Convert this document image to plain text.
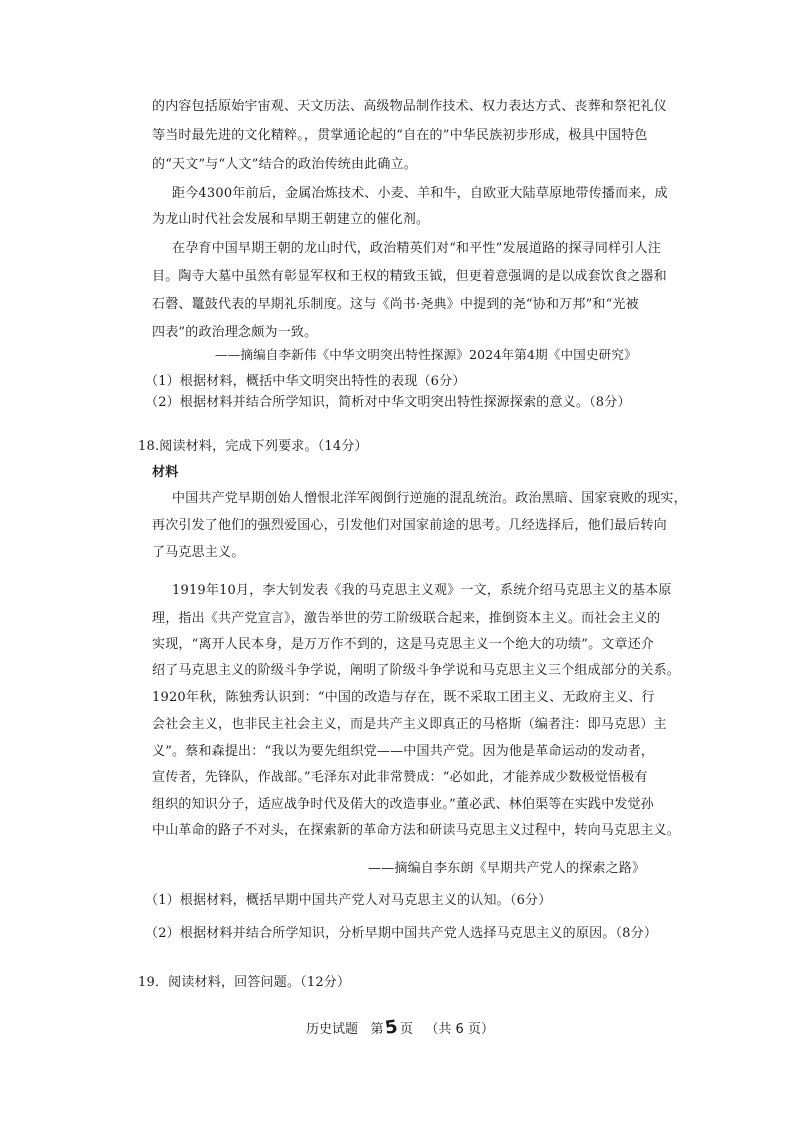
的内容包括原始宇宙观、天文历法、高级物品制作技术、权力表达方式、丧葬和祭祀礼仪
等当时最先进的文化精粹。，贯掌通论起的“自在的”中华民族初步形成，极具中国特色
的“天文”与“人文”结合的政治传统由此确立。
距今4300年前后，金属冶炼技术、小麦、羊和牛，自欧亚大陆草原地带传播而来，成
为龙山时代社会发展和早期王朝建立的催化剂。
在孕育中国早期王朝的龙山时代，政治精英们对“和平性”发展道路的探寻同样引人注
目。陶寺大墓中虽然有彰显军权和王权的精致玉钺，但更着意强调的是以成套饮食之器和
石磬、鼍鼓代表的早期礼乐制度。这与《尚书·尧典》中提到的尧“协和万邦”和“光被
四表”的政治理念颇为一致。
——摘编自李新伟《中华文明突出特性探源》2024年第4期《中国史研究》
（1）根据材料，概括中华文明突出特性的表现（6分）
（2）根据材料并结合所学知识，简析对中华文明突出特性探源探索的意义。（8分）
18.阅读材料，完成下列要求。（14分）
材料
中国共产党早期创始人憎恨北洋军阀倒行逆施的混乱统治。政治黑暗、国家衰败的现实，
再次引发了他们的强烈爱国心，引发他们对国家前途的思考。几经选择后，他们最后转向
了马克思主义。
1919年10月，李大钊发表《我的马克思主义观》一文，系统介绍马克思主义的基本原
理，指出《共产党宣言》，激告举世的劳工阶级联合起来，推倒资本主义。而社会主义的
实现，“离开人民本身，是万万作不到的，这是马克思主义一个绝大的功绩”。文章还介
绍了马克思主义的阶级斗争学说，阐明了阶级斗争学说和马克思主义三个组成部分的关系。
1920年秋，陈独秀认识到：“中国的改造与存在，既不采取工团主义、无政府主义、行
会社会主义，也非民主社会主义，而是共产主义即真正的马格斯（编者注：即马克思）主
义”。蔡和森提出：“我以为要先组织党——中国共产党。因为他是革命运动的发动者，
宣传者，先锋队，作战部。”毛泽东对此非常赞成：“必如此，才能养成少数极觉悟极有
组织的知识分子，适应战争时代及偌大的改造事业。”董必武、林伯渠等在实践中发觉孙
中山革命的路子不对头，在探索新的革命方法和研读马克思主义过程中，转向马克思主义。
——摘编自李东朗《早期共产党人的探索之路》
（1）根据材料，概括早期中国共产党人对马克思主义的认知。（6分）
（2）根据材料并结合所学知识，分析早期中国共产党人选择马克思主义的原因。（8分）
19．阅读材料，回答问题。（12分）
历史试题 第5页 （共 6 页）
